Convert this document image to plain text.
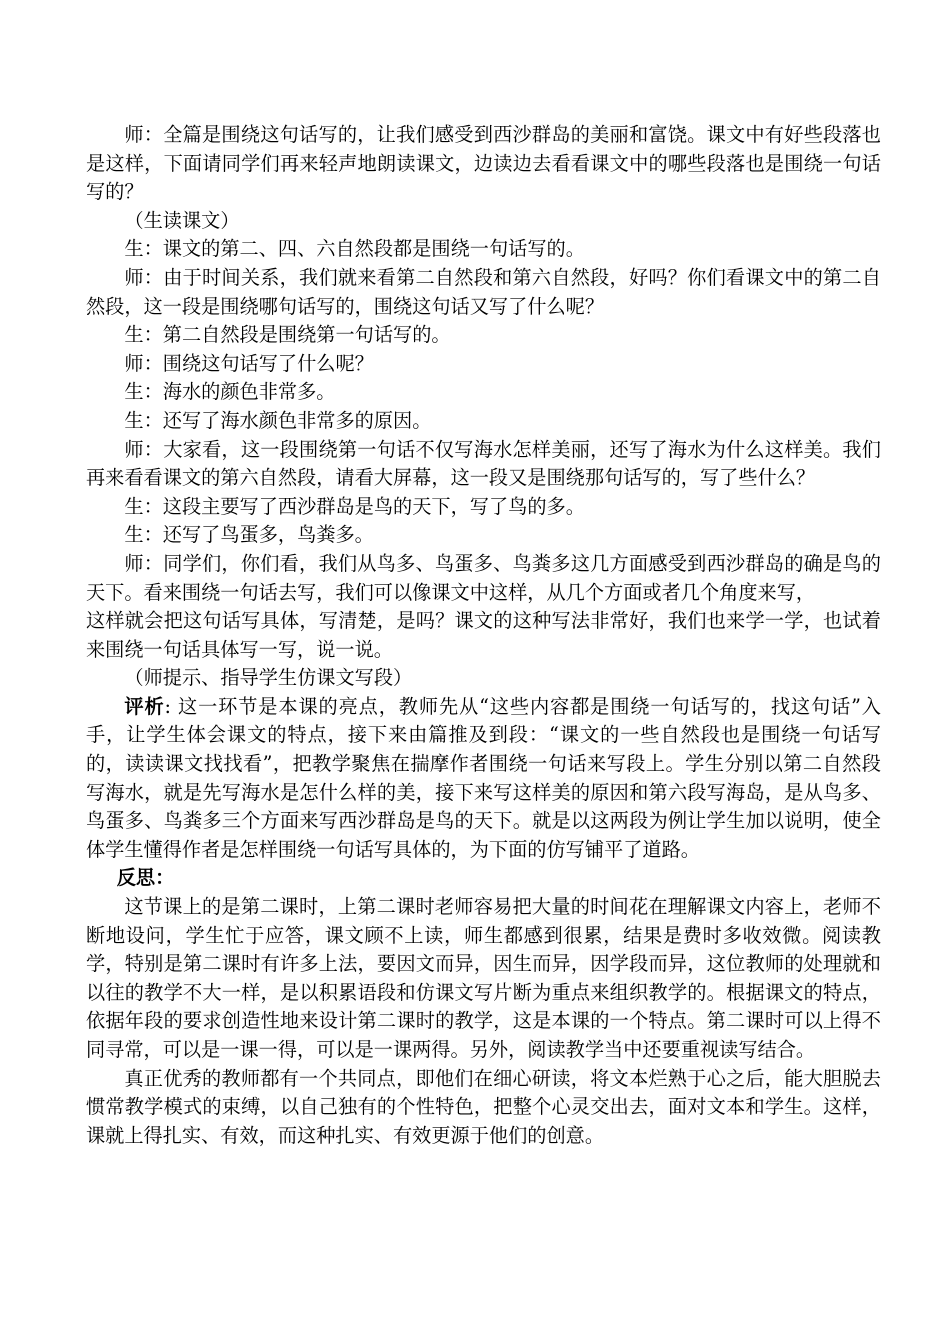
师：全篇是围绕这句话写的，让我们感受到西沙群岛的美丽和富饶。课文中有好些段落也是这样，下面请同学们再来轻声地朗读课文，边读边去看看课文中的哪些段落也是围绕一句话写的？

（生读课文）

生：课文的第二、四、六自然段都是围绕一句话写的。

师：由于时间关系，我们就来看第二自然段和第六自然段，好吗？你们看课文中的第二自然段，这一段是围绕哪句话写的，围绕这句话又写了什么呢？

生：第二自然段是围绕第一句话写的。

师：围绕这句话写了什么呢？

生：海水的颜色非常多。

生：还写了海水颜色非常多的原因。

师：大家看，这一段围绕第一句话不仅写海水怎样美丽，还写了海水为什么这样美。我们再来看看课文的第六自然段，请看大屏幕，这一段又是围绕那句话写的，写了些什么？

生：这段主要写了西沙群岛是鸟的天下，写了鸟的多。

生：还写了鸟蛋多，鸟粪多。

师：同学们，你们看，我们从鸟多、鸟蛋多、鸟粪多这几方面感受到西沙群岛的确是鸟的天下。看来围绕一句话去写，我们可以像课文中这样，从几个方面或者几个角度来写，

这样就会把这句话写具体，写清楚，是吗？课文的这种写法非常好，我们也来学一学，也试着来围绕一句话具体写一写，说一说。

（师提示、指导学生仿课文写段）

评析: 这一环节是本课的亮点，教师先从“这些内容都是围绕一句话写的，找这句话”入手，让学生体会课文的特点，接下来由篇推及到段：“课文的一些自然段也是围绕一句话写的，读读课文找找看”，把教学聚焦在揣摩作者围绕一句话来写段上。学生分别以第二自然段写海水，就是先写海水是怎什么样的美，接下来写这样美的原因和第六段写海岛，是从鸟多、鸟蛋多、鸟粪多三个方面来写西沙群岛是鸟的天下。就是以这两段为例让学生加以说明，使全体学生懂得作者是怎样围绕一句话写具体的，为下面的仿写铺平了道路。

反思：

这节课上的是第二课时，上第二课时老师容易把大量的时间花在理解课文内容上，老师不断地设问，学生忙于应答，课文顾不上读，师生都感到很累，结果是费时多收效微。阅读教学，特别是第二课时有许多上法，要因文而异，因生而异，因学段而异，这位教师的处理就和以往的教学不大一样，是以积累语段和仿课文写片断为重点来组织教学的。根据课文的特点，依据年段的要求创造性地来设计第二课时的教学，这是本课的一个特点。第二课时可以上得不同寻常，可以是一课一得，可以是一课两得。另外，阅读教学当中还要重视读写结合。

真正优秀的教师都有一个共同点，即他们在细心研读，将文本烂熟于心之后，能大胆脱去惯常教学模式的束缚，以自己独有的个性特色，把整个心灵交出去，面对文本和学生。这样，课就上得扎实、有效，而这种扎实、有效更源于他们的创意。
